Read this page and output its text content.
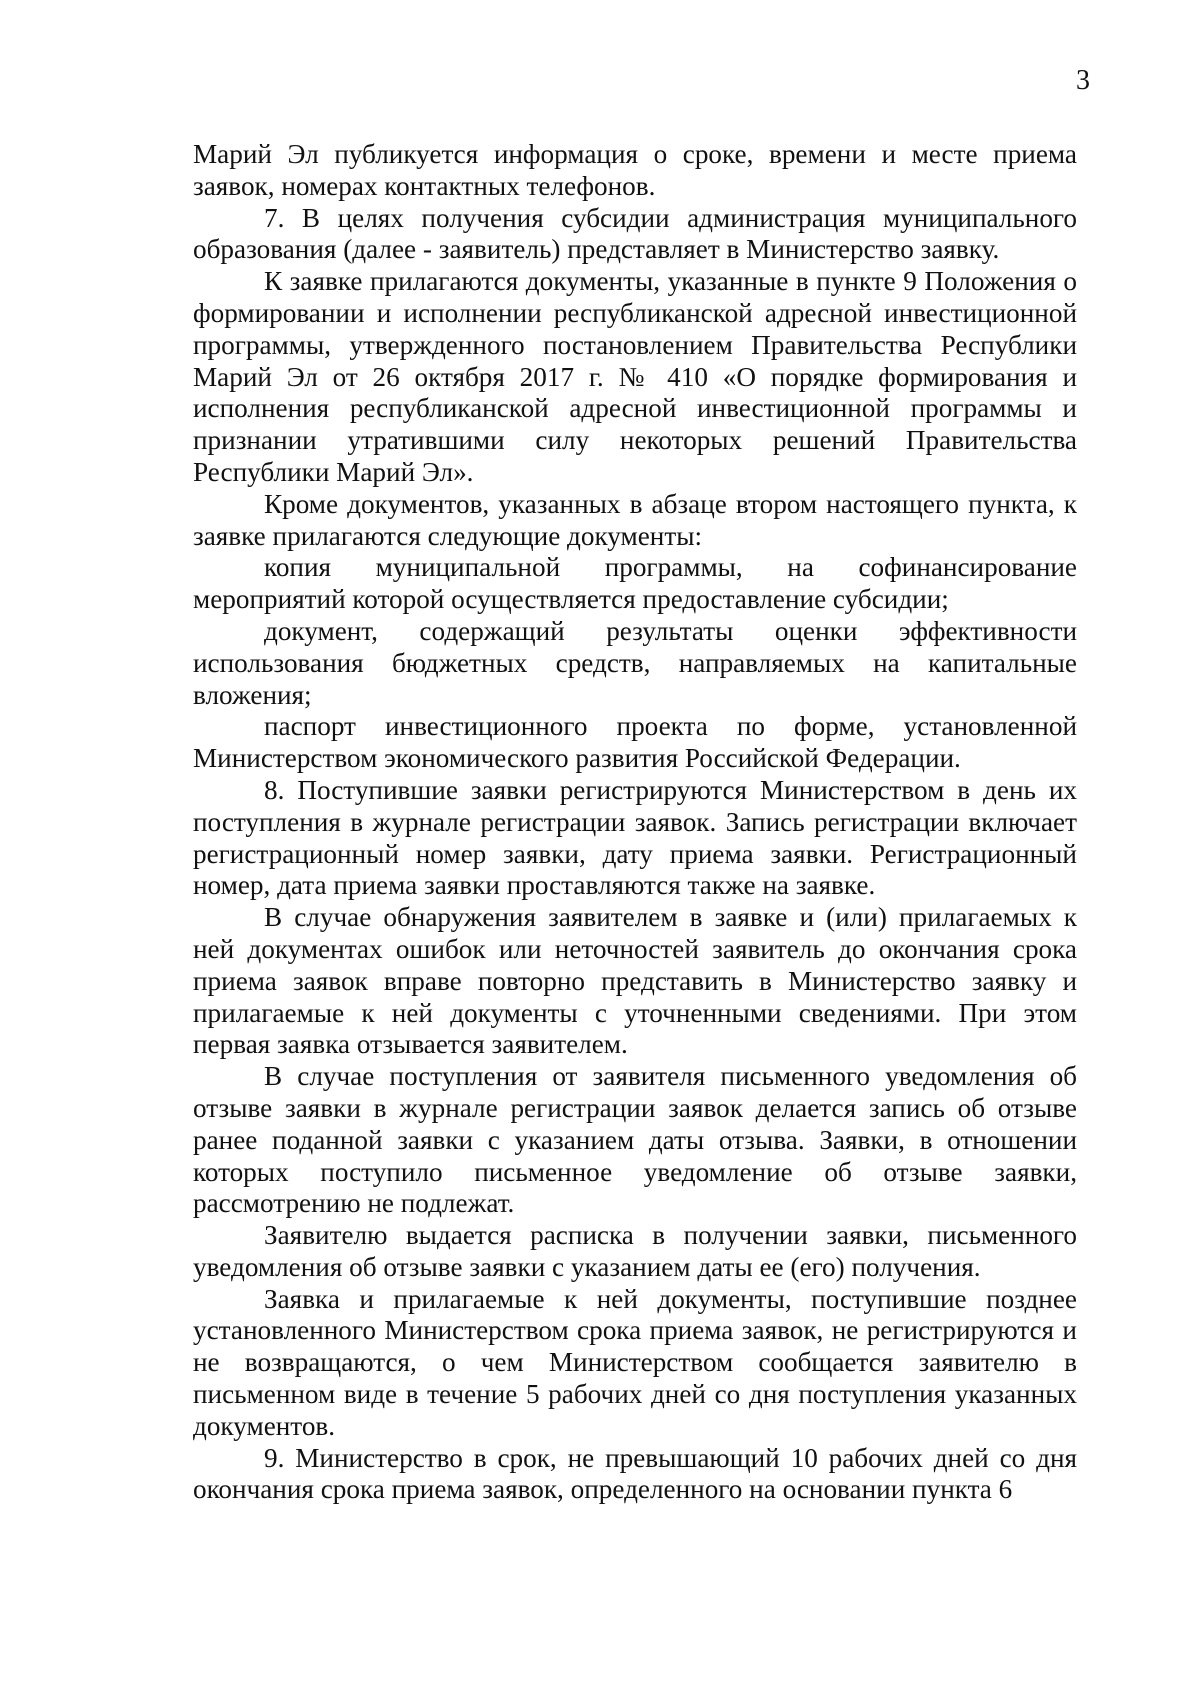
3

Марий Эл публикуется информация о сроке, времени и месте приема заявок, номерах контактных телефонов.

7. В целях получения субсидии администрация муниципального образования (далее - заявитель) представляет в Министерство заявку.

К заявке прилагаются документы, указанные в пункте 9 Положения о формировании и исполнении республиканской адресной инвестиционной программы, утвержденного постановлением Правительства Республики Марий Эл от 26 октября 2017 г. № 410 «О порядке формирования и исполнения республиканской адресной инвестиционной программы и признании утратившими силу некоторых решений Правительства Республики Марий Эл».

Кроме документов, указанных в абзаце втором настоящего пункта, к заявке прилагаются следующие документы:

копия муниципальной программы, на софинансирование мероприятий которой осуществляется предоставление субсидии;

документ, содержащий результаты оценки эффективности использования бюджетных средств, направляемых на капитальные вложения;

паспорт инвестиционного проекта по форме, установленной Министерством экономического развития Российской Федерации.

8. Поступившие заявки регистрируются Министерством в день их поступления в журнале регистрации заявок. Запись регистрации включает регистрационный номер заявки, дату приема заявки. Регистрационный номер, дата приема заявки проставляются также на заявке.

В случае обнаружения заявителем в заявке и (или) прилагаемых к ней документах ошибок или неточностей заявитель до окончания срока приема заявок вправе повторно представить в Министерство заявку и прилагаемые к ней документы с уточненными сведениями. При этом первая заявка отзывается заявителем.

В случае поступления от заявителя письменного уведомления об отзыве заявки в журнале регистрации заявок делается запись об отзыве ранее поданной заявки с указанием даты отзыва. Заявки, в отношении которых поступило письменное уведомление об отзыве заявки, рассмотрению не подлежат.

Заявителю выдается расписка в получении заявки, письменного уведомления об отзыве заявки с указанием даты ее (его) получения.

Заявка и прилагаемые к ней документы, поступившие позднее установленного Министерством срока приема заявок, не регистрируются и не возвращаются, о чем Министерством сообщается заявителю в письменном виде в течение 5 рабочих дней со дня поступления указанных документов.

9. Министерство в срок, не превышающий 10 рабочих дней со дня окончания срока приема заявок, определенного на основании пункта 6
